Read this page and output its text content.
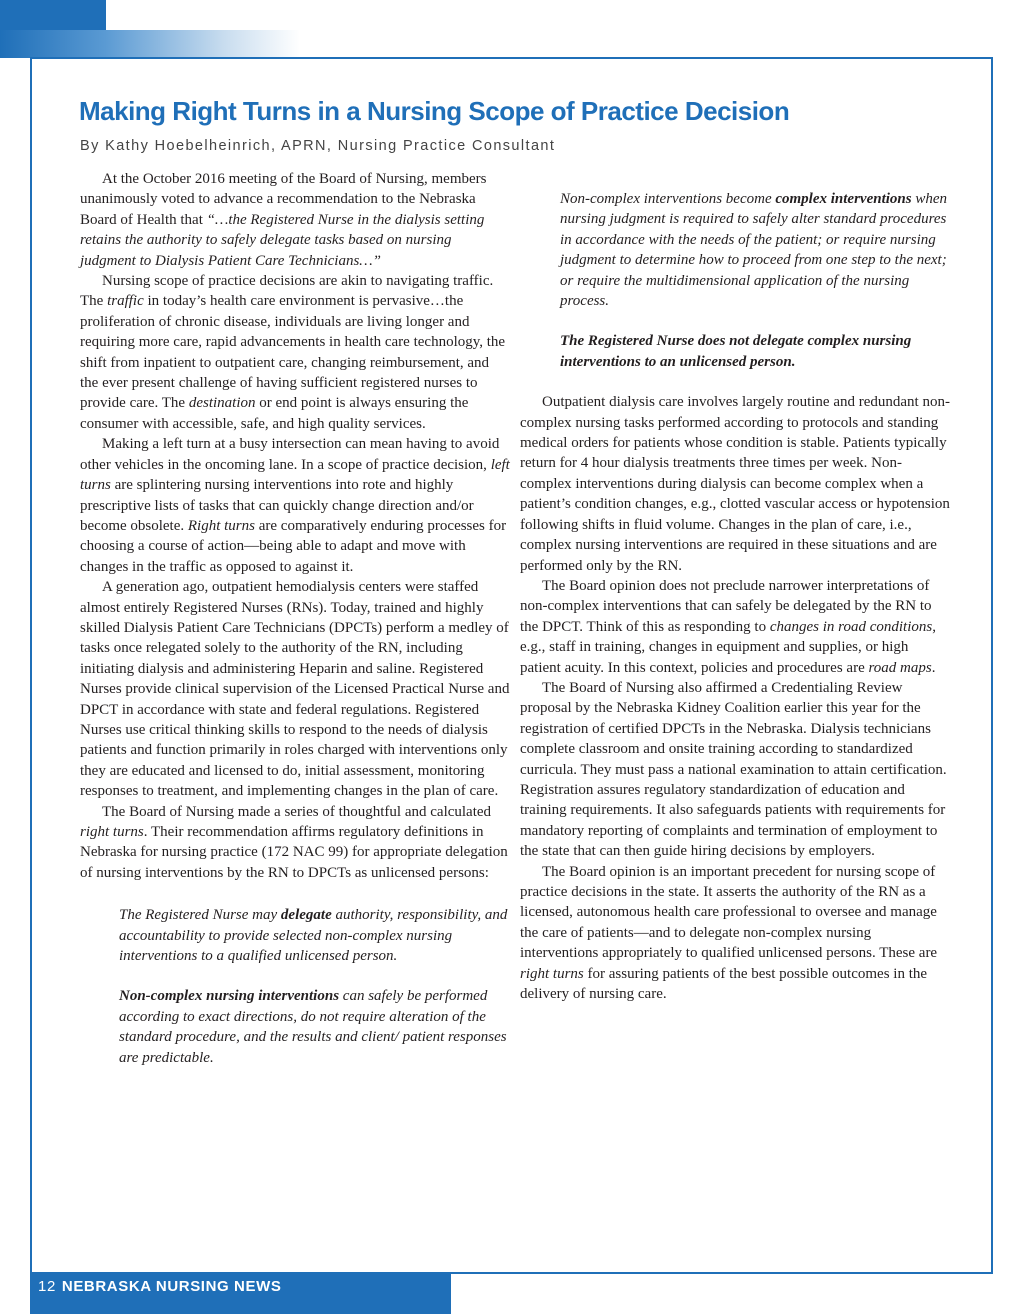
Making Right Turns in a Nursing Scope of Practice Decision
By Kathy Hoebelheinrich, APRN, Nursing Practice Consultant

At the October 2016 meeting of the Board of Nursing, members unanimously voted to advance a recommendation to the Nebraska Board of Health that “…the Registered Nurse in the dialysis setting retains the authority to safely delegate tasks based on nursing judgment to Dialysis Patient Care Technicians…”

Nursing scope of practice decisions are akin to navigating traffic. The traffic in today’s health care environment is pervasive…the proliferation of chronic disease, individuals are living longer and requiring more care, rapid advancements in health care technology, the shift from inpatient to outpatient care, changing reimbursement, and the ever present challenge of having sufficient registered nurses to provide care. The destination or end point is always ensuring the consumer with accessible, safe, and high quality services.

Making a left turn at a busy intersection can mean having to avoid other vehicles in the oncoming lane. In a scope of practice decision, left turns are splintering nursing interventions into rote and highly prescriptive lists of tasks that can quickly change direction and/or become obsolete. Right turns are comparatively enduring processes for choosing a course of action—being able to adapt and move with changes in the traffic as opposed to against it.

A generation ago, outpatient hemodialysis centers were staffed almost entirely Registered Nurses (RNs). Today, trained and highly skilled Dialysis Patient Care Technicians (DPCTs) perform a medley of tasks once relegated solely to the authority of the RN, including initiating dialysis and administering Heparin and saline. Registered Nurses provide clinical supervision of the Licensed Practical Nurse and DPCT in accordance with state and federal regulations. Registered Nurses use critical thinking skills to respond to the needs of dialysis patients and function primarily in roles charged with interventions only they are educated and licensed to do, initial assessment, monitoring responses to treatment, and implementing changes in the plan of care.

The Board of Nursing made a series of thoughtful and calculated right turns. Their recommendation affirms regulatory definitions in Nebraska for nursing practice (172 NAC 99) for appropriate delegation of nursing interventions by the RN to DPCTs as unlicensed persons:

The Registered Nurse may delegate authority, responsibility, and accountability to provide selected non-complex nursing interventions to a qualified unlicensed person.
Non-complex nursing interventions can safely be performed according to exact directions, do not require alteration of the
standard procedure, and the results and client/ patient responses are predictable.
Non-complex interventions become complex interventions when nursing judgment is required to safely alter standard procedures in accordance with the needs of the patient; or require nursing judgment to determine how to proceed from one step to the next; or require the multidimensional application of the nursing process.
The Registered Nurse does not delegate complex nursing interventions to an unlicensed person.

Outpatient dialysis care involves largely routine and redundant non-complex nursing tasks performed according to protocols and standing medical orders for patients whose condition is stable. Patients typically return for 4 hour dialysis treatments three times per week. Non-complex interventions during dialysis can become complex when a patient’s condition changes, e.g., clotted vascular access or hypotension following shifts in fluid volume. Changes in the plan of care, i.e., complex nursing interventions are required in these situations and are performed only by the RN.

The Board opinion does not preclude narrower interpretations of non-complex interventions that can safely be delegated by the RN to the DPCT. Think of this as responding to changes in road conditions, e.g., staff in training, changes in equipment and supplies, or high patient acuity. In this context, policies and procedures are road maps.

The Board of Nursing also affirmed a Credentialing Review proposal by the Nebraska Kidney Coalition earlier this year for the registration of certified DPCTs in the Nebraska. Dialysis technicians complete classroom and onsite training according to standardized curricula. They must pass a national examination to attain certification. Registration assures regulatory standardization of education and training requirements. It also safeguards patients with requirements for mandatory reporting of complaints and termination of employment to the state that can then guide hiring decisions by employers.

The Board opinion is an important precedent for nursing scope of practice decisions in the state. It asserts the authority of the RN as a licensed, autonomous health care professional to oversee and manage the care of patients—and to delegate non-complex nursing interventions appropriately to qualified unlicensed persons. These are right turns for assuring patients of the best possible outcomes in the delivery of nursing care.

12 NEBRASKA NURSING NEWS
